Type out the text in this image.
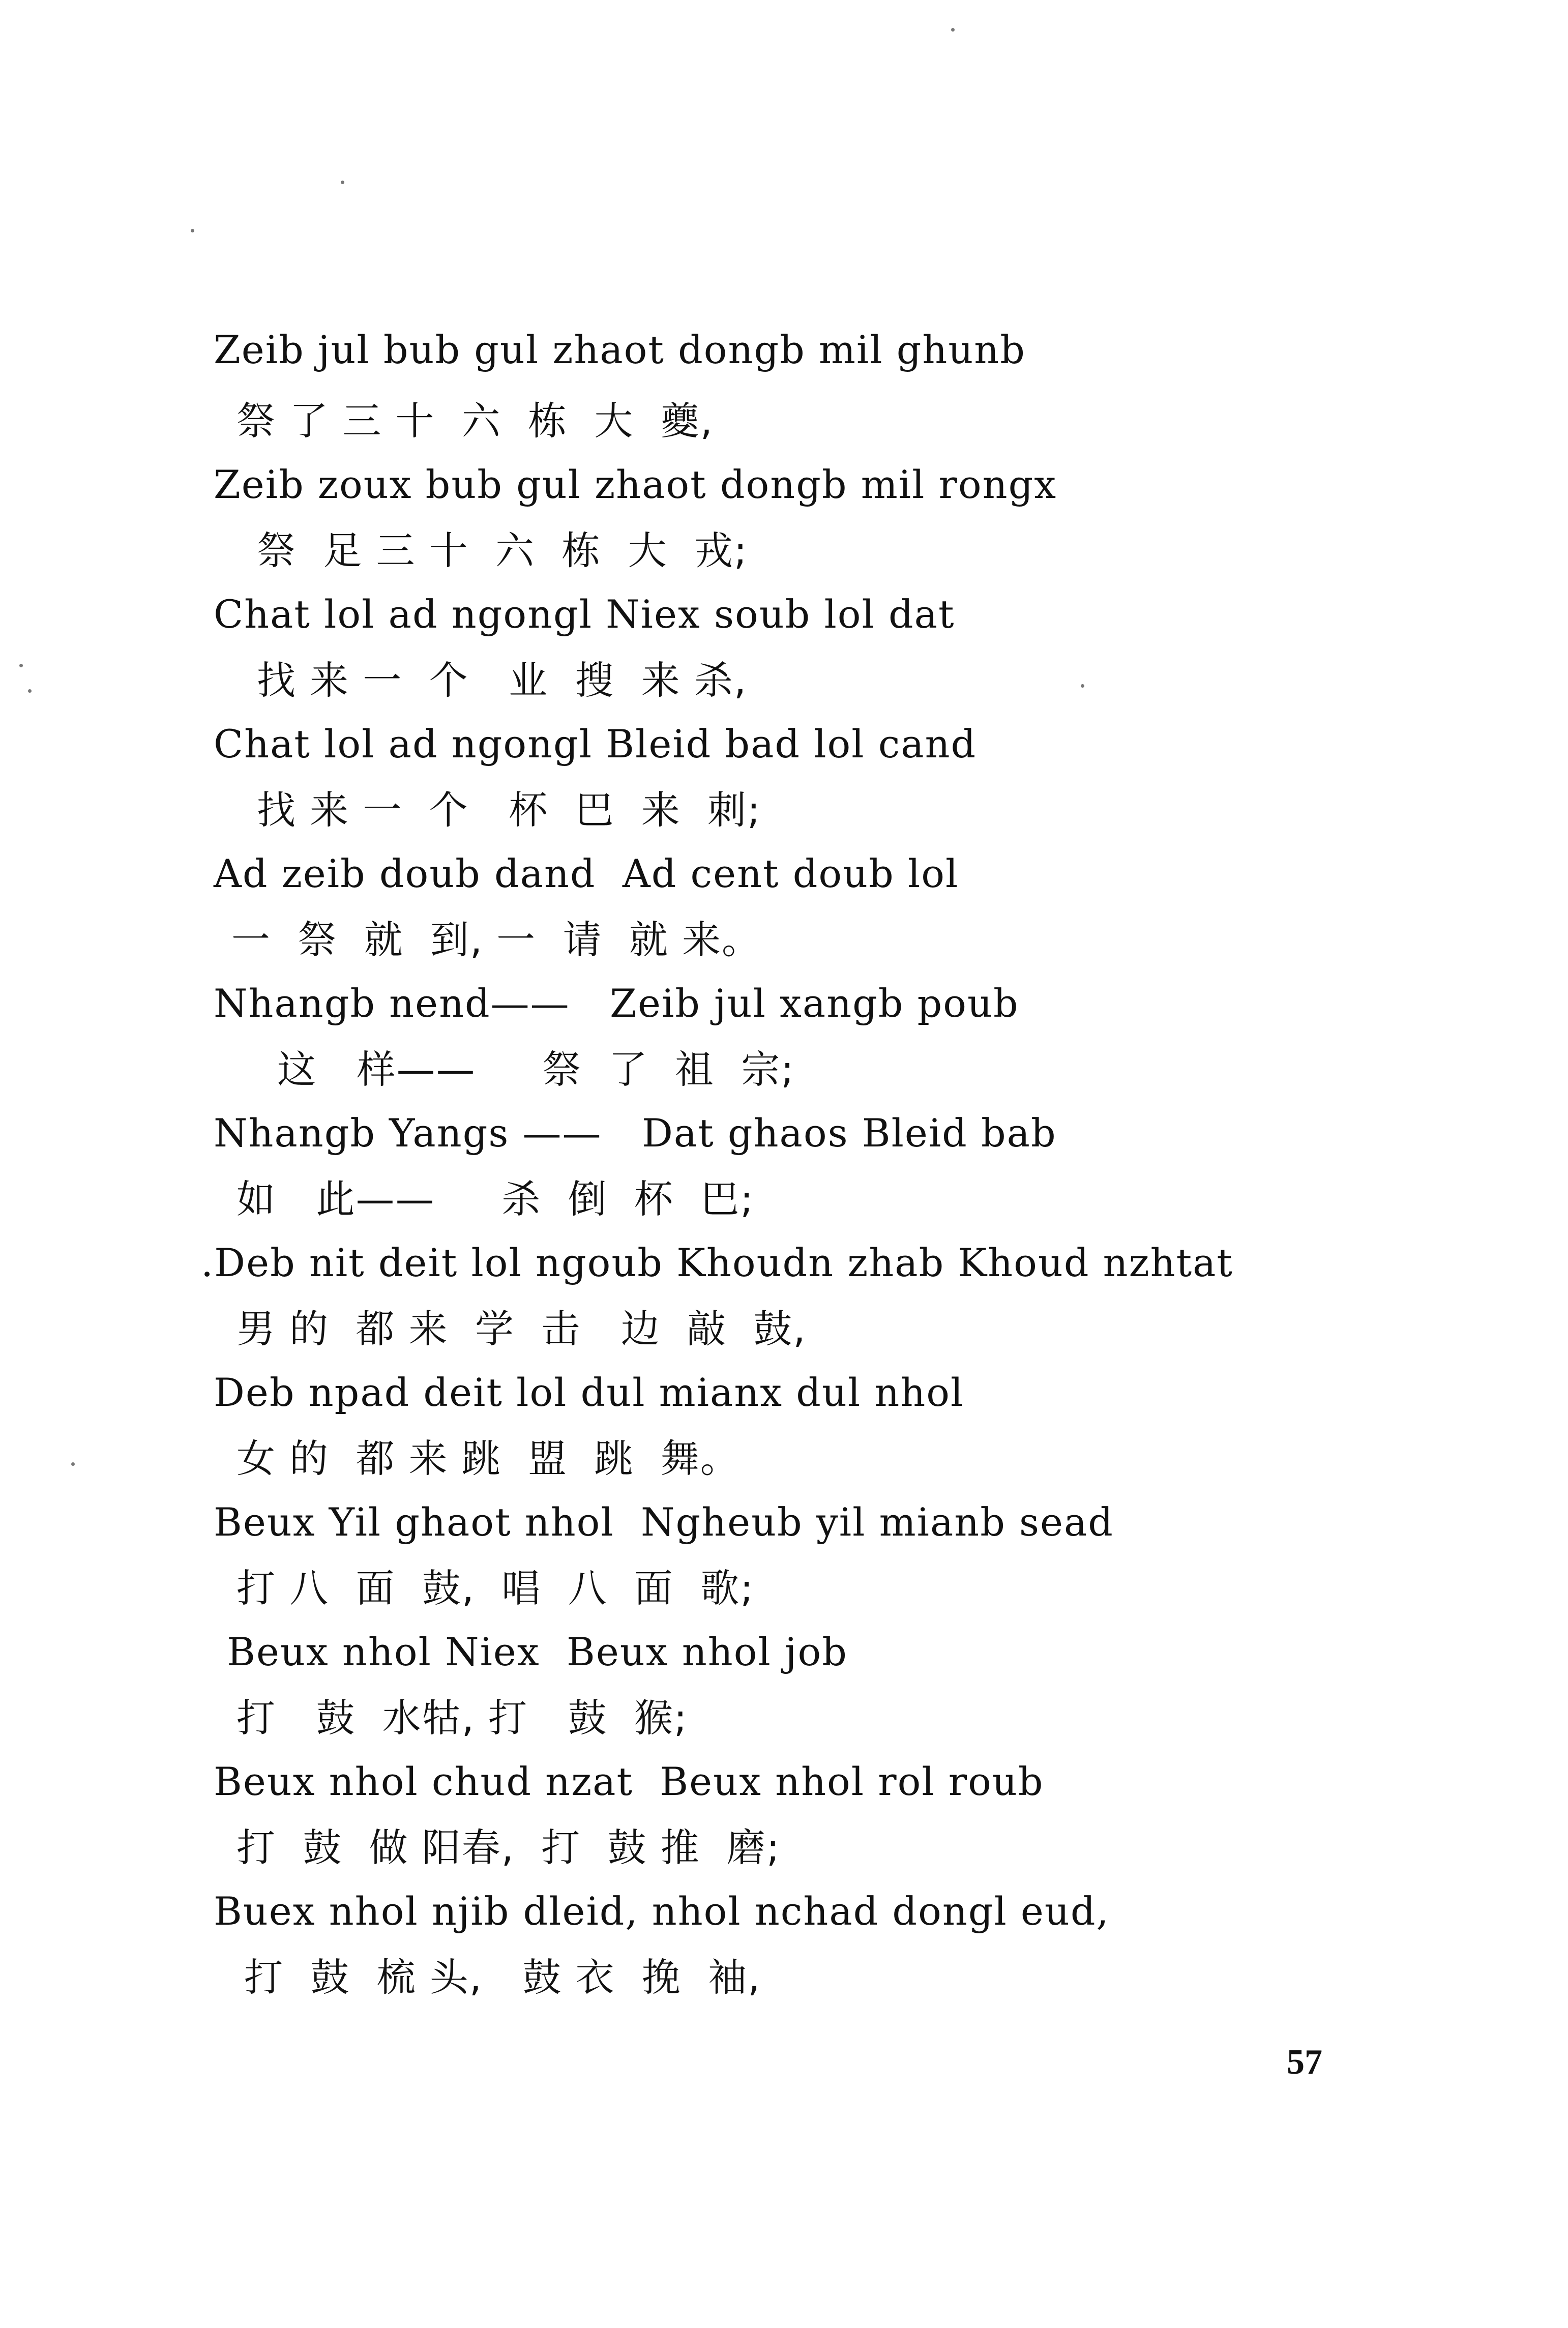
Zeib jul bub gul zhaot dongb mil ghunb
祭 了 三 十  六  栋  大  夔,
Zeib zoux bub gul zhaot dongb mil rongx
祭  足 三 十  六  栋  大  戎;
Chat lol ad ngongl Niex soub lol dat
找 来 一  个   业  搜  来 杀,
Chat lol ad ngongl Bleid bad lol cand
找 来 一  个   杯  巴  来  刺;
Ad zeib doub dand  Ad cent doub lol
一  祭  就  到, 一  请  就 来。
Nhangb nend——   Zeib jul xangb poub
这   样——     祭  了  祖  宗;
Nhangb Yangs ——   Dat ghaos Bleid bab
如   此——     杀  倒  杯  巴;
.Deb nit deit lol ngoub Khoudn zhab Khoud nzhtat
男 的  都 来  学  击   边  敲  鼓,
Deb npad deit lol dul mianx dul nhol
女 的  都 来 跳  盟  跳  舞。
Beux Yil ghaot nhol  Ngheub yil mianb sead
打 八  面  鼓,  唱  八  面  歌;
Beux nhol Niex  Beux nhol job
打   鼓  水牯, 打   鼓  猴;
Beux nhol chud nzat  Beux nhol rol roub
打  鼓  做 阳春,  打  鼓 推  磨;
Buex nhol njib dleid, nhol nchad dongl eud,
打  鼓  梳 头,   鼓 衣  挽  袖,
57
